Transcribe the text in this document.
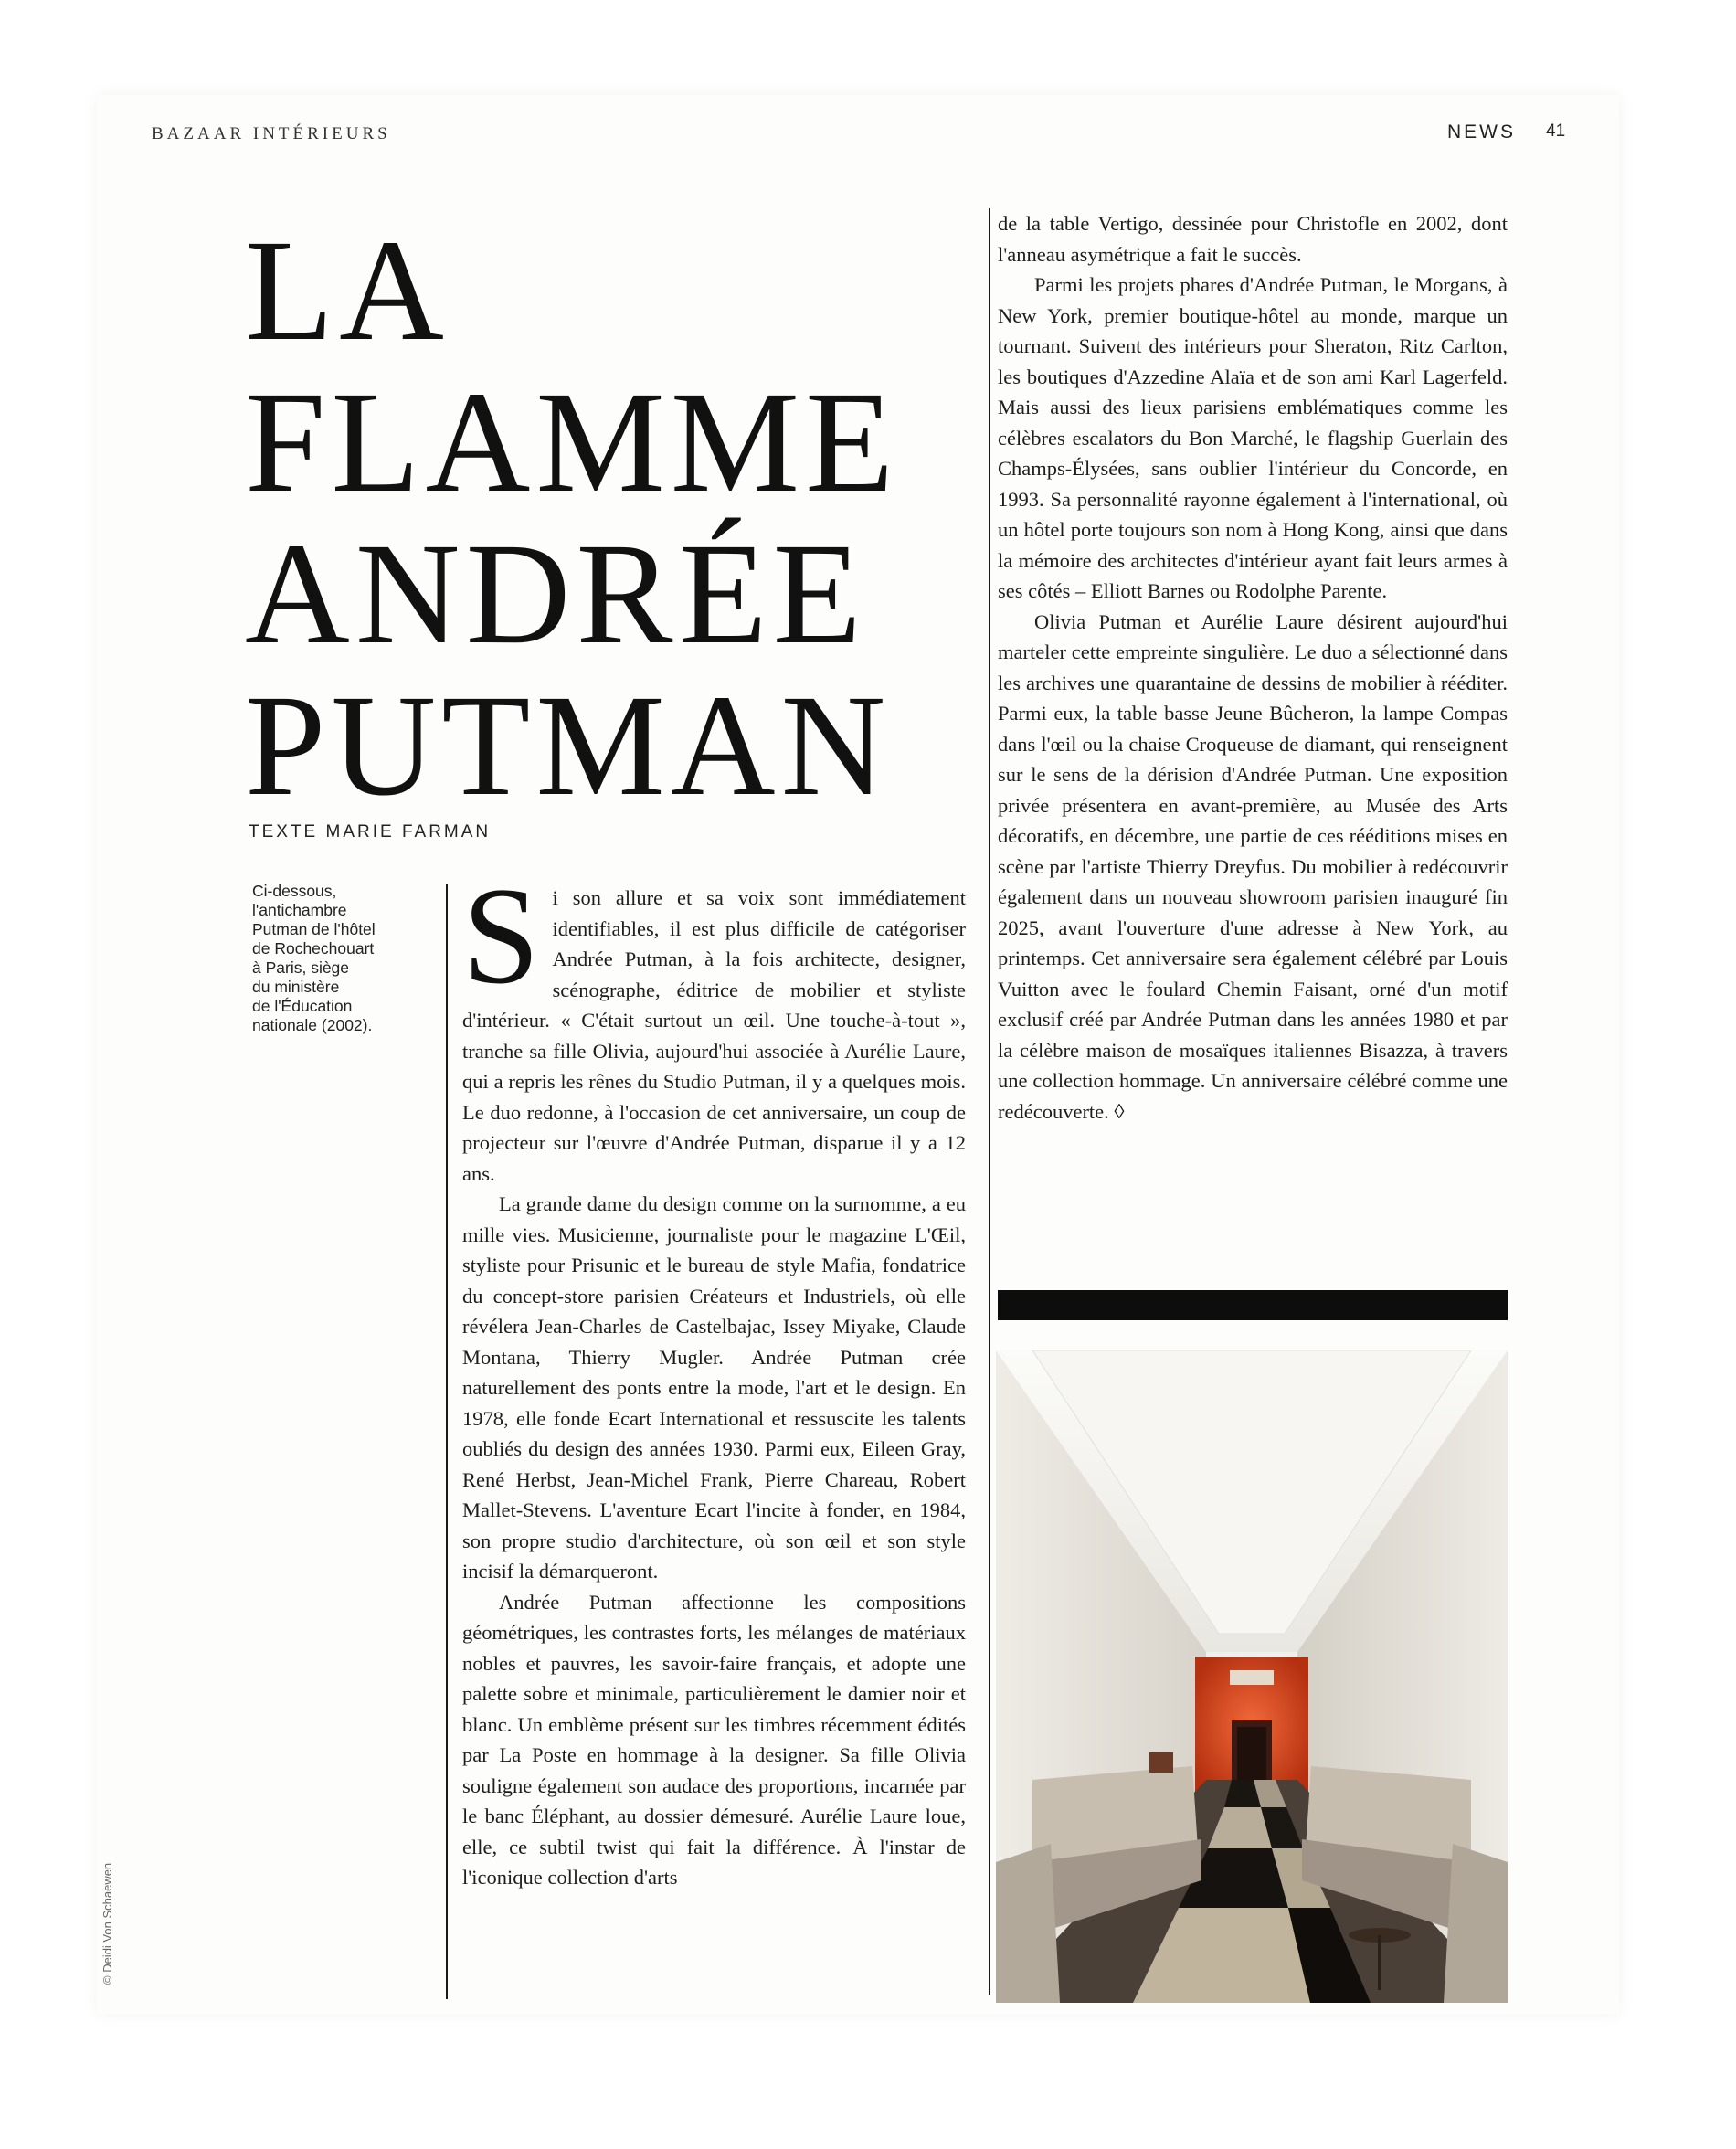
BAZAAR INTÉRIEURS	NEWS 41
LA
FLAMME
ANDRÉE
PUTMAN
TEXTE MARIE FARMAN
Ci-dessous,
l'antichambre
Putman de l'hôtel
de Rochechouart
à Paris, siège
du ministère
de l'Éducation
nationale (2002).

Si son allure et sa voix sont immédiatement identifiables, il est plus difficile de catégoriser Andrée Putman, à la fois architecte, designer, scénographe, éditrice de mobilier et styliste d'intérieur. « C'était surtout un œil. Une touche-à-tout », tranche sa fille Olivia, aujourd'hui associée à Aurélie Laure, qui a repris les rênes du Studio Putman, il y a quelques mois. Le duo redonne, à l'occasion de cet anniversaire, un coup de projecteur sur l'œuvre d'Andrée Putman, disparue il y a 12 ans.

La grande dame du design comme on la surnomme, a eu mille vies. Musicienne, journaliste pour le magazine L'Œil, styliste pour Prisunic et le bureau de style Mafia, fondatrice du concept-store parisien Créateurs et Industriels, où elle révélera Jean-Charles de Castelbajac, Issey Miyake, Claude Montana, Thierry Mugler. Andrée Putman crée naturellement des ponts entre la mode, l'art et le design. En 1978, elle fonde Ecart International et ressuscite les talents oubliés du design des années 1930. Parmi eux, Eileen Gray, René Herbst, Jean-Michel Frank, Pierre Chareau, Robert Mallet-Stevens. L'aventure Ecart l'incite à fonder, en 1984, son propre studio d'architecture, où son œil et son style incisif la démarqueront.

Andrée Putman affectionne les compositions géométriques, les contrastes forts, les mélanges de matériaux nobles et pauvres, les savoir-faire français, et adopte une palette sobre et minimale, particulièrement le damier noir et blanc. Un emblème présent sur les timbres récemment édités par La Poste en hommage à la designer. Sa fille Olivia souligne également son audace des proportions, incarnée par le banc Éléphant, au dossier démesuré. Aurélie Laure loue, elle, ce subtil twist qui fait la différence. À l'instar de l'iconique collection d'arts

de la table Vertigo, dessinée pour Christofle en 2002, dont l'anneau asymétrique a fait le succès.

Parmi les projets phares d'Andrée Putman, le Morgans, à New York, premier boutique-hôtel au monde, marque un tournant. Suivent des intérieurs pour Sheraton, Ritz Carlton, les boutiques d'Azzedine Alaïa et de son ami Karl Lagerfeld. Mais aussi des lieux parisiens emblématiques comme les célèbres escalators du Bon Marché, le flagship Guerlain des Champs-Élysées, sans oublier l'intérieur du Concorde, en 1993. Sa personnalité rayonne également à l'international, où un hôtel porte toujours son nom à Hong Kong, ainsi que dans la mémoire des architectes d'intérieur ayant fait leurs armes à ses côtés – Elliott Barnes ou Rodolphe Parente.

Olivia Putman et Aurélie Laure désirent aujourd'hui marteler cette empreinte singulière. Le duo a sélectionné dans les archives une quarantaine de dessins de mobilier à rééditer. Parmi eux, la table basse Jeune Bûcheron, la lampe Compas dans l'œil ou la chaise Croqueuse de diamant, qui renseignent sur le sens de la dérision d'Andrée Putman. Une exposition privée présentera en avant-première, au Musée des Arts décoratifs, en décembre, une partie de ces rééditions mises en scène par l'artiste Thierry Dreyfus. Du mobilier à redécouvrir également dans un nouveau showroom parisien inauguré fin 2025, avant l'ouverture d'une adresse à New York, au printemps. Cet anniversaire sera également célébré par Louis Vuitton avec le foulard Chemin Faisant, orné d'un motif exclusif créé par Andrée Putman dans les années 1980 et par la célèbre maison de mosaïques italiennes Bisazza, à travers une collection hommage. Un anniversaire célébré comme une redécouverte. ◊

© Deidi Von Schaewen
